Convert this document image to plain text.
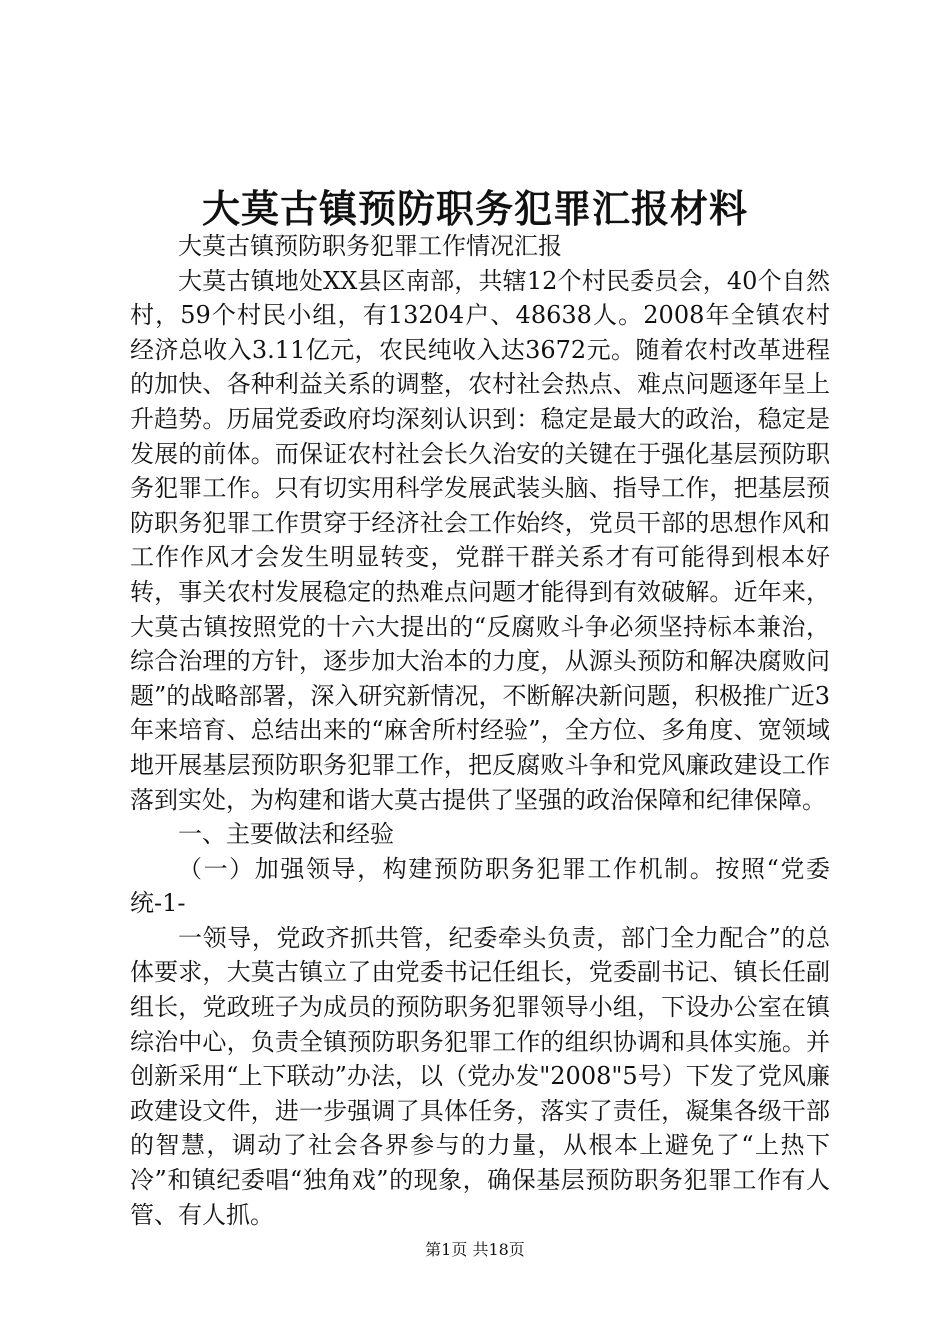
大莫古镇预防职务犯罪汇报材料

大莫古镇预防职务犯罪工作情况汇报

大莫古镇地处XX县区南部，共辖12个村民委员会，40个自然村，59个村民小组，有13204户、48638人。2008年全镇农村经济总收入3.11亿元，农民纯收入达3672元。随着农村改革进程的加快、各种利益关系的调整，农村社会热点、难点问题逐年呈上升趋势。历届党委政府均深刻认识到：稳定是最大的政治，稳定是发展的前体。而保证农村社会长久治安的关键在于强化基层预防职务犯罪工作。只有切实用科学发展武装头脑、指导工作，把基层预防职务犯罪工作贯穿于经济社会工作始终，党员干部的思想作风和工作作风才会发生明显转变，党群干群关系才有可能得到根本好转，事关农村发展稳定的热难点问题才能得到有效破解。近年来，大莫古镇按照党的十六大提出的“反腐败斗争必须坚持标本兼治，综合治理的方针，逐步加大治本的力度，从源头预防和解决腐败问题”的战略部署，深入研究新情况，不断解决新问题，积极推广近3年来培育、总结出来的“麻舍所村经验”，全方位、多角度、宽领域地开展基层预防职务犯罪工作，把反腐败斗争和党风廉政建设工作落到实处，为构建和谐大莫古提供了坚强的政治保障和纪律保障。

一、主要做法和经验

（一）加强领导，构建预防职务犯罪工作机制。按照“党委统-1-

一领导，党政齐抓共管，纪委牵头负责，部门全力配合”的总体要求，大莫古镇立了由党委书记任组长，党委副书记、镇长任副组长，党政班子为成员的预防职务犯罪领导小组，下设办公室在镇综治中心，负责全镇预防职务犯罪工作的组织协调和具体实施。并创新采用“上下联动”办法，以（党办发"2008"5号）下发了党风廉政建设文件，进一步强调了具体任务，落实了责任，凝集各级干部的智慧，调动了社会各界参与的力量，从根本上避免了“上热下冷”和镇纪委唱“独角戏”的现象，确保基层预防职务犯罪工作有人管、有人抓。

第1页 共18页
